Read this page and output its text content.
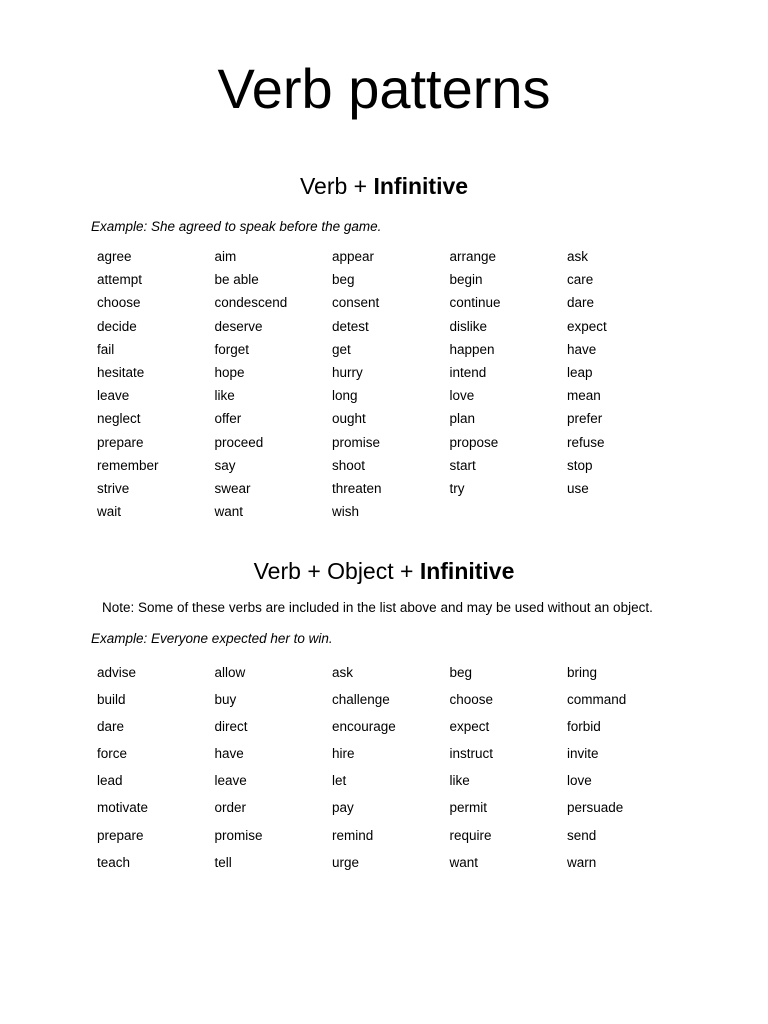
Verb patterns
Verb + Infinitive
Example: She agreed to speak before the game.
agree	aim	appear	arrange	ask
attempt	be able	beg	begin	care
choose	condescend	consent	continue	dare
decide	deserve	detest	dislike	expect
fail	forget	get	happen	have
hesitate	hope	hurry	intend	leap
leave	like	long	love	mean
neglect	offer	ought	plan	prefer
prepare	proceed	promise	propose	refuse
remember	say	shoot	start	stop
strive	swear	threaten	try	use
wait	want	wish
Verb + Object + Infinitive
Note: Some of these verbs are included in the list above and may be used without an object.
Example: Everyone expected her to win.
advise	allow	ask	beg	bring
build	buy	challenge	choose	command
dare	direct	encourage	expect	forbid
force	have	hire	instruct	invite
lead	leave	let	like	love
motivate	order	pay	permit	persuade
prepare	promise	remind	require	send
teach	tell	urge	want	warn
